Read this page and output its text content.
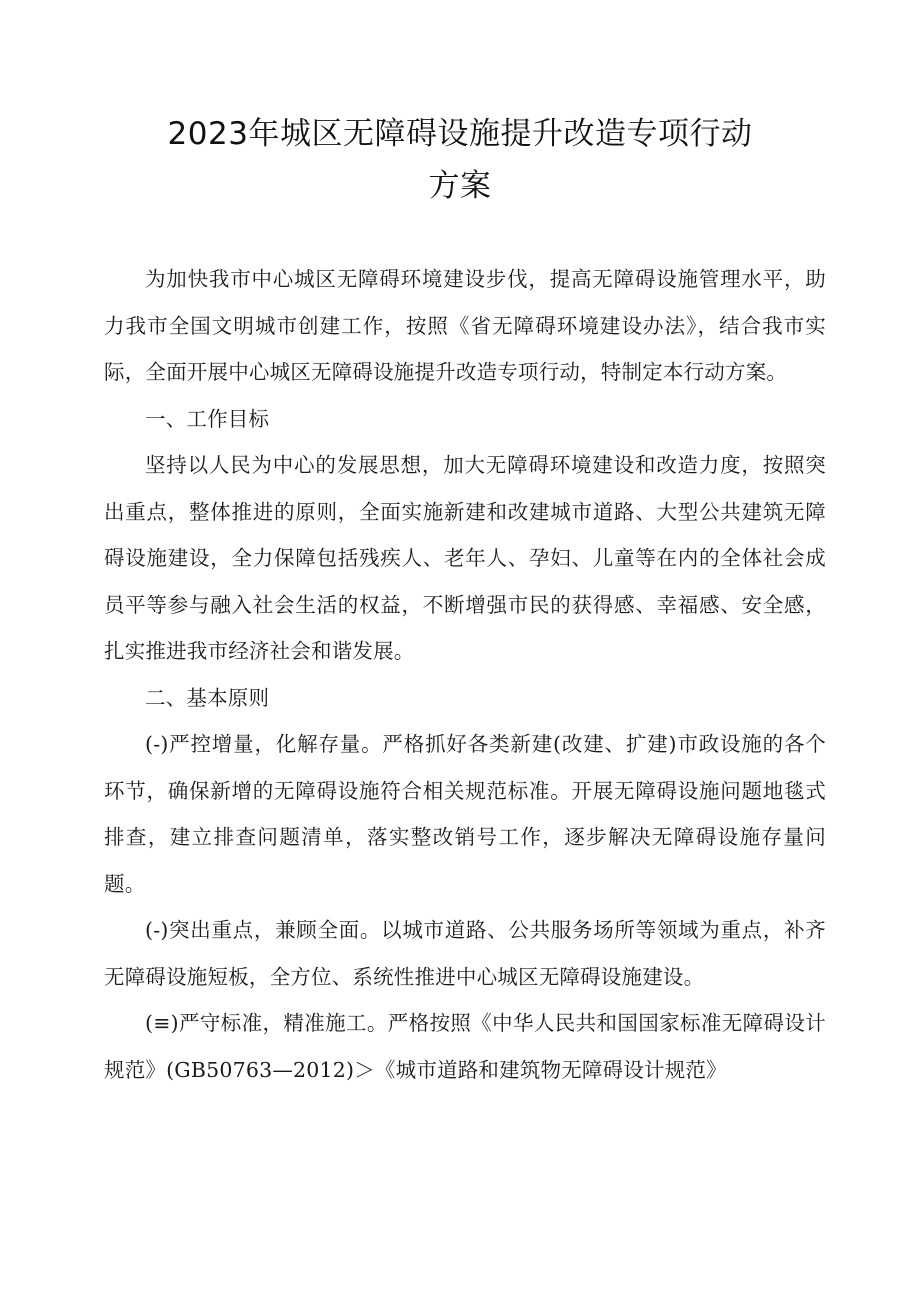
2023年城区无障碍设施提升改造专项行动
方案

为加快我市中心城区无障碍环境建设步伐，提高无障碍设施管理水平，助力我市全国文明城市创建工作，按照《省无障碍环境建设办法》，结合我市实际，全面开展中心城区无障碍设施提升改造专项行动，特制定本行动方案。

一、工作目标

坚持以人民为中心的发展思想，加大无障碍环境建设和改造力度，按照突出重点，整体推进的原则，全面实施新建和改建城市道路、大型公共建筑无障碍设施建设，全力保障包括残疾人、老年人、孕妇、儿童等在内的全体社会成员平等参与融入社会生活的权益，不断增强市民的获得感、幸福感、安全感，扎实推进我市经济社会和谐发展。

二、基本原则

(-)严控增量，化解存量。严格抓好各类新建(改建、扩建)市政设施的各个环节，确保新增的无障碍设施符合相关规范标准。开展无障碍设施问题地毯式排查，建立排查问题清单，落实整改销号工作，逐步解决无障碍设施存量问题。

(-)突出重点，兼顾全面。以城市道路、公共服务场所等领域为重点，补齐无障碍设施短板，全方位、系统性推进中心城区无障碍设施建设。

(≡)严守标准，精准施工。严格按照《中华人民共和国国家标准无障碍设计规范》(GB50763—2012)＞《城市道路和建筑物无障碍设计规范》
